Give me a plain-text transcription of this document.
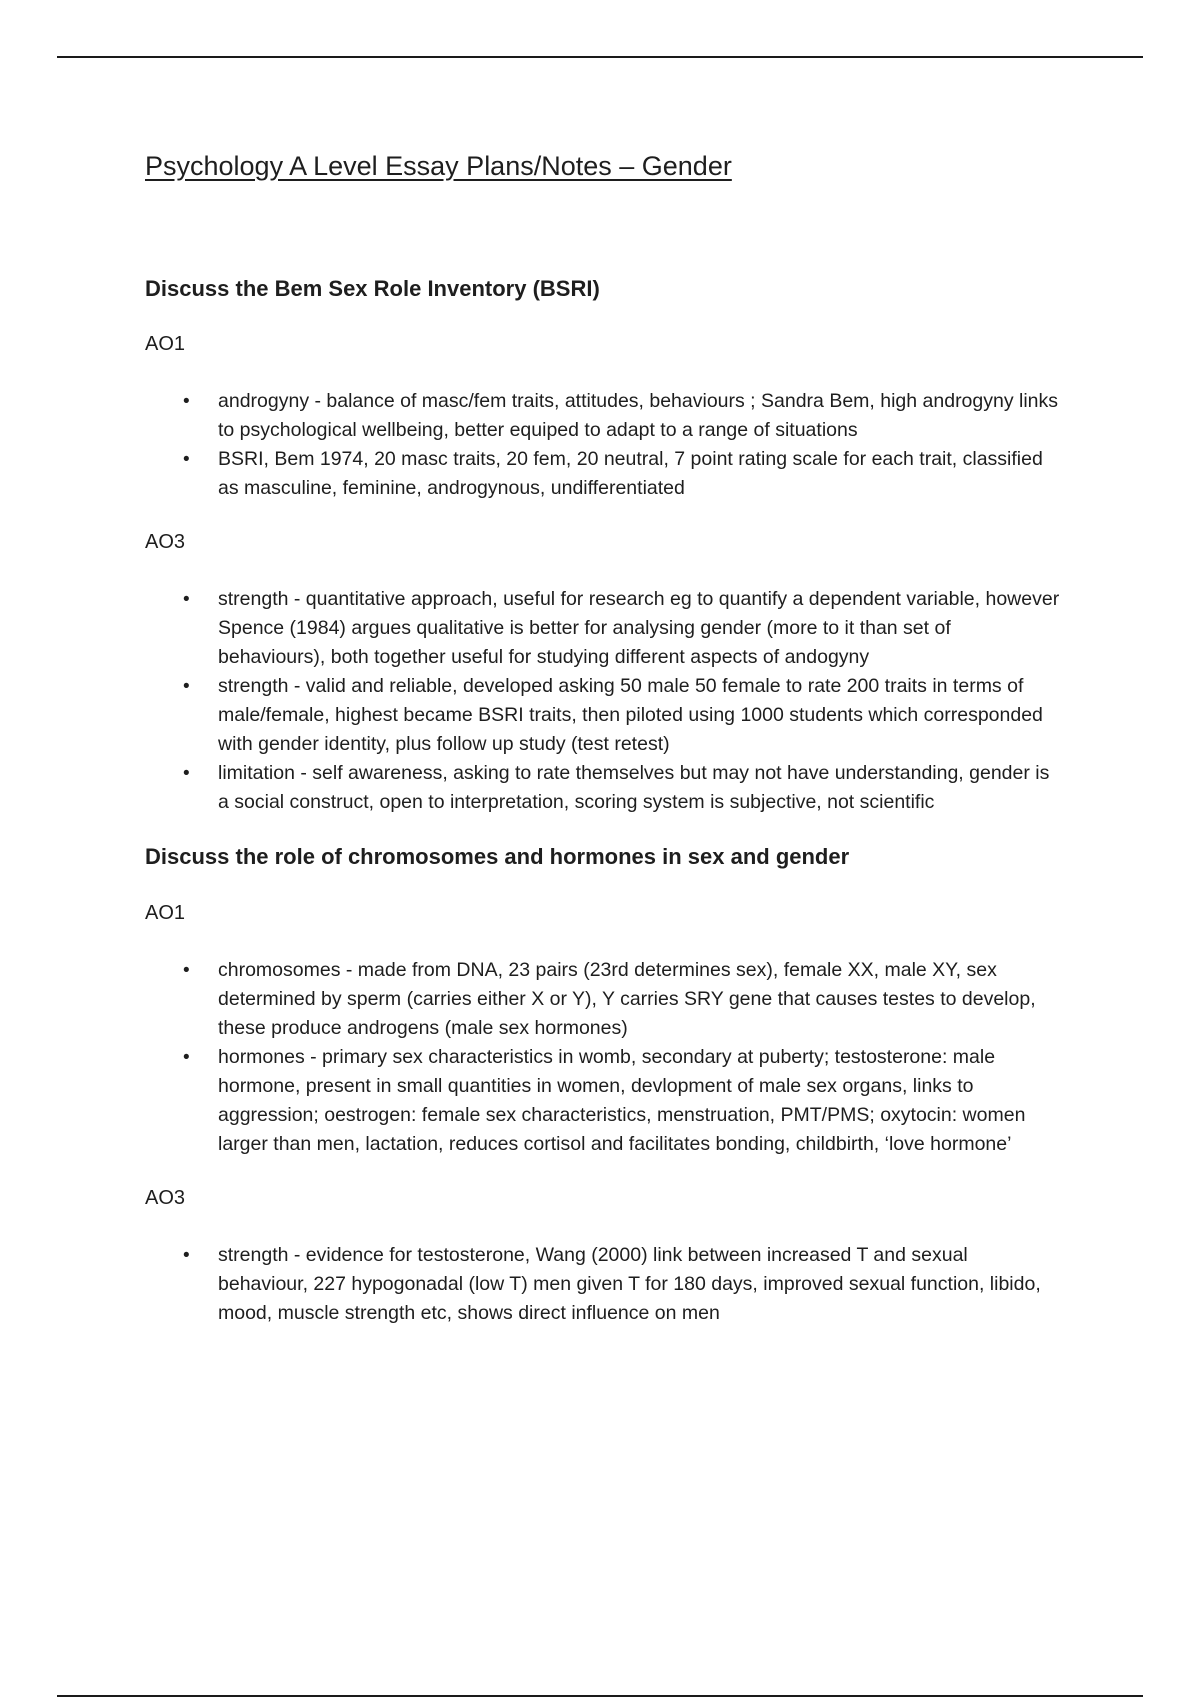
Psychology A Level Essay Plans/Notes – Gender
Discuss the Bem Sex Role Inventory (BSRI)

AO1

• androgyny - balance of masc/fem traits, attitudes, behaviours ; Sandra Bem, high androgyny links to psychological wellbeing, better equiped to adapt to a range of situations
• BSRI, Bem 1974, 20 masc traits, 20 fem, 20 neutral, 7 point rating scale for each trait, classified as masculine, feminine, androgynous, undifferentiated

AO3

• strength - quantitative approach, useful for research eg to quantify a dependent variable, however Spence (1984) argues qualitative is better for analysing gender (more to it than set of behaviours), both together useful for studying different aspects of andogyny
• strength - valid and reliable, developed asking 50 male 50 female to rate 200 traits in terms of male/female, highest became BSRI traits, then piloted using 1000 students which corresponded with gender identity, plus follow up study (test retest)
• limitation - self awareness, asking to rate themselves but may not have understanding, gender is a social construct, open to interpretation, scoring system is subjective, not scientific
Discuss the role of chromosomes and hormones in sex and gender

AO1

• chromosomes - made from DNA, 23 pairs (23rd determines sex), female XX, male XY, sex determined by sperm (carries either X or Y), Y carries SRY gene that causes testes to develop, these produce androgens (male sex hormones)
• hormones - primary sex characteristics in womb, secondary at puberty; testosterone: male hormone, present in small quantities in women, devlopment of male sex organs, links to aggression; oestrogen: female sex characteristics, menstruation, PMT/PMS; oxytocin: women larger than men, lactation, reduces cortisol and facilitates bonding, childbirth, ‘love hormone’

AO3

• strength - evidence for testosterone, Wang (2000) link between increased T and sexual behaviour, 227 hypogonadal (low T) men given T for 180 days, improved sexual function, libido, mood, muscle strength etc, shows direct influence on men
